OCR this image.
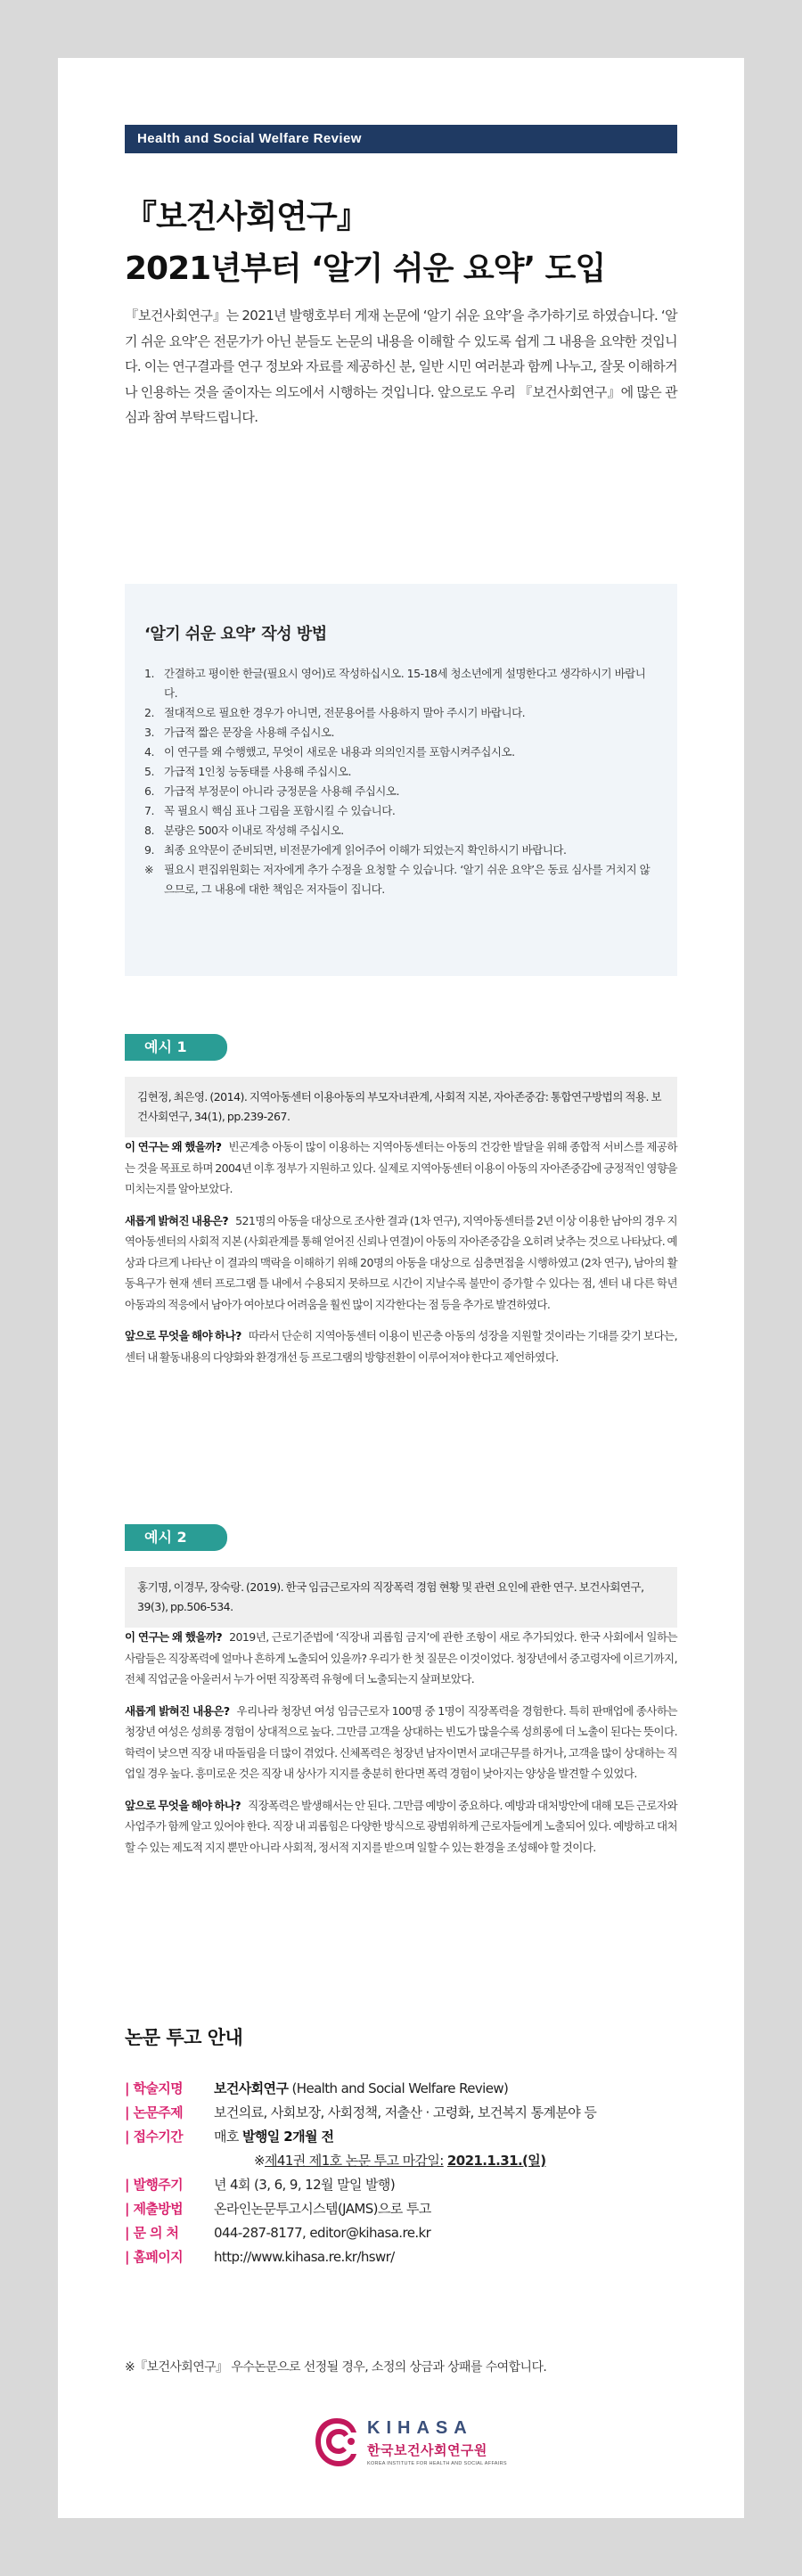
Health and Social Welfare Review
『보건사회연구』
2021년부터 ‘알기 쉬운 요약’ 도입

『보건사회연구』는 2021년 발행호부터 게재 논문에 ‘알기 쉬운 요약’을 추가하기로 하였습니다. ‘알기 쉬운 요약’은 전문가가 아닌 분들도 논문의 내용을 이해할 수 있도록 쉽게 그 내용을 요약한 것입니다. 이는 연구결과를 연구 정보와 자료를 제공하신 분, 일반 시민 여러분과 함께 나누고, 잘못 이해하거나 인용하는 것을 줄이자는 의도에서 시행하는 것입니다. 앞으로도 우리 『보건사회연구』에 많은 관심과 참여 부탁드립니다.

‘알기 쉬운 요약’ 작성 방법
1. 간결하고 평이한 한글(필요시 영어)로 작성하십시오. 15-18세 청소년에게 설명한다고 생각하시기 바랍니다.
2. 절대적으로 필요한 경우가 아니면, 전문용어를 사용하지 말아 주시기 바랍니다.
3. 가급적 짧은 문장을 사용해 주십시오.
4. 이 연구를 왜 수행했고, 무엇이 새로운 내용과 의의인지를 포함시켜주십시오.
5. 가급적 1인칭 능동태를 사용해 주십시오.
6. 가급적 부정문이 아니라 긍정문을 사용해 주십시오.
7. 꼭 필요시 핵심 표나 그림을 포함시킬 수 있습니다.
8. 분량은 500자 이내로 작성해 주십시오.
9. 최종 요약문이 준비되면, 비전문가에게 읽어주어 이해가 되었는지 확인하시기 바랍니다.
※ 필요시 편집위원회는 저자에게 추가 수정을 요청할 수 있습니다. ‘알기 쉬운 요약’은 동료 심사를 거치지 않으므로, 그 내용에 대한 책임은 저자들이 집니다.
예시 1
김현정, 최은영. (2014). 지역아동센터 이용아동의 부모자녀관계, 사회적 지본, 자아존중감: 통합연구방법의 적용. 보건사회연구, 34(1), pp.239-267.

이 연구는 왜 했을까? 빈곤계층 아동이 많이 이용하는 지역아동센터는 아동의 건강한 발달을 위해 종합적 서비스를 제공하는 것을 목표로 하며 2004년 이후 정부가 지원하고 있다. 실제로 지역아동센터 이용이 아동의 자아존중감에 긍정적인 영향을 미치는지를 알아보았다.

새롭게 밝혀진 내용은? 521명의 아동을 대상으로 조사한 결과 (1차 연구), 지역아동센터를 2년 이상 이용한 남아의 경우 지역아동센터의 사회적 지본 (사회관계를 통해 얻어진 신뢰나 연결)이 아동의 자아존중감을 오히려 낮추는 것으로 나타났다. 예상과 다르게 나타난 이 결과의 맥락을 이해하기 위해 20명의 아동을 대상으로 심층면접을 시행하였고 (2차 연구), 남아의 활동욕구가 현재 센터 프로그램 틀 내에서 수용되지 못하므로 시간이 지날수록 불만이 증가할 수 있다는 점, 센터 내 다른 학년 아동과의 적응에서 남아가 여아보다 어려움을 훨씬 많이 지각한다는 점 등을 추가로 발견하였다.

앞으로 무엇을 해야 하나? 따라서 단순히 지역아동센터 이용이 빈곤층 아동의 성장을 지원할 것이라는 기대를 갖기 보다는, 센터 내 활동내용의 다양화와 환경개선 등 프로그램의 방향전환이 이루어져야 한다고 제언하였다.

예시 2
홍기명, 이경무, 장숙랑. (2019). 한국 임금근로자의 직장폭력 경험 현황 및 관련 요인에 관한 연구. 보건사회연구, 39(3), pp.506-534.

이 연구는 왜 했을까? 2019년, 근로기준법에 ‘직장내 괴롭힘 금지’에 관한 조항이 새로 추가되었다. 한국 사회에서 일하는 사람들은 직장폭력에 얼마나 흔하게 노출되어 있을까? 우리가 한 첫 질문은 이것이었다. 청장년에서 중고령자에 이르기까지, 전체 직업군을 아울러서 누가 어떤 직장폭력 유형에 더 노출되는지 살펴보았다.

새롭게 밝혀진 내용은? 우리나라 청장년 여성 임금근로자 100명 중 1명이 직장폭력을 경험한다. 특히 판매업에 종사하는 청장년 여성은 성희롱 경험이 상대적으로 높다. 그만큼 고객을 상대하는 빈도가 많을수록 성희롱에 더 노출이 된다는 뜻이다. 학력이 낮으면 직장 내 따돌림을 더 많이 겪었다. 신체폭력은 청장년 남자이면서 교대근무를 하거나, 고객을 많이 상대하는 직업일 경우 높다. 흥미로운 것은 직장 내 상사가 지지를 충분히 한다면 폭력 경험이 낮아지는 양상을 발견할 수 있었다.

앞으로 무엇을 해야 하나? 직장폭력은 발생해서는 안 된다. 그만큼 예방이 중요하다. 예방과 대처방안에 대해 모든 근로자와 사업주가 함께 알고 있어야 한다. 직장 내 괴롭힘은 다양한 방식으로 광범위하게 근로자들에게 노출되어 있다. 예방하고 대처할 수 있는 제도적 지지 뿐만 아니라 사회적, 정서적 지지를 받으며 일할 수 있는 환경을 조성해야 할 것이다.

논문 투고 안내
| 학술지명	보건사회연구 (Health and Social Welfare Review)
| 논문주제	보건의료, 사회보장, 사회정책, 저출산 · 고령화, 보건복지 통계분야 등
| 접수기간	매호 발행일 2개월 전
※ 제41권 제1호 논문 투고 마감일:
2021.1.31.(일)
| 발행주기	년 4회 (3, 6, 9, 12월 말일 발행)
| 제출방법	온라인논문투고시스템(JAMS)으로 투고
| 문 의 처	044-287-8177, editor@kihasa.re.kr
| 홈페이지	http://www.kihasa.re.kr/hswr/
※『보건사회연구』 우수논문으로 선정될 경우, 소정의 상금과 상패를 수여합니다.
KIHASA
한국보건사회연구원
KOREA INSTITUTE FOR HEALTH AND SOCIAL AFFAIRS
